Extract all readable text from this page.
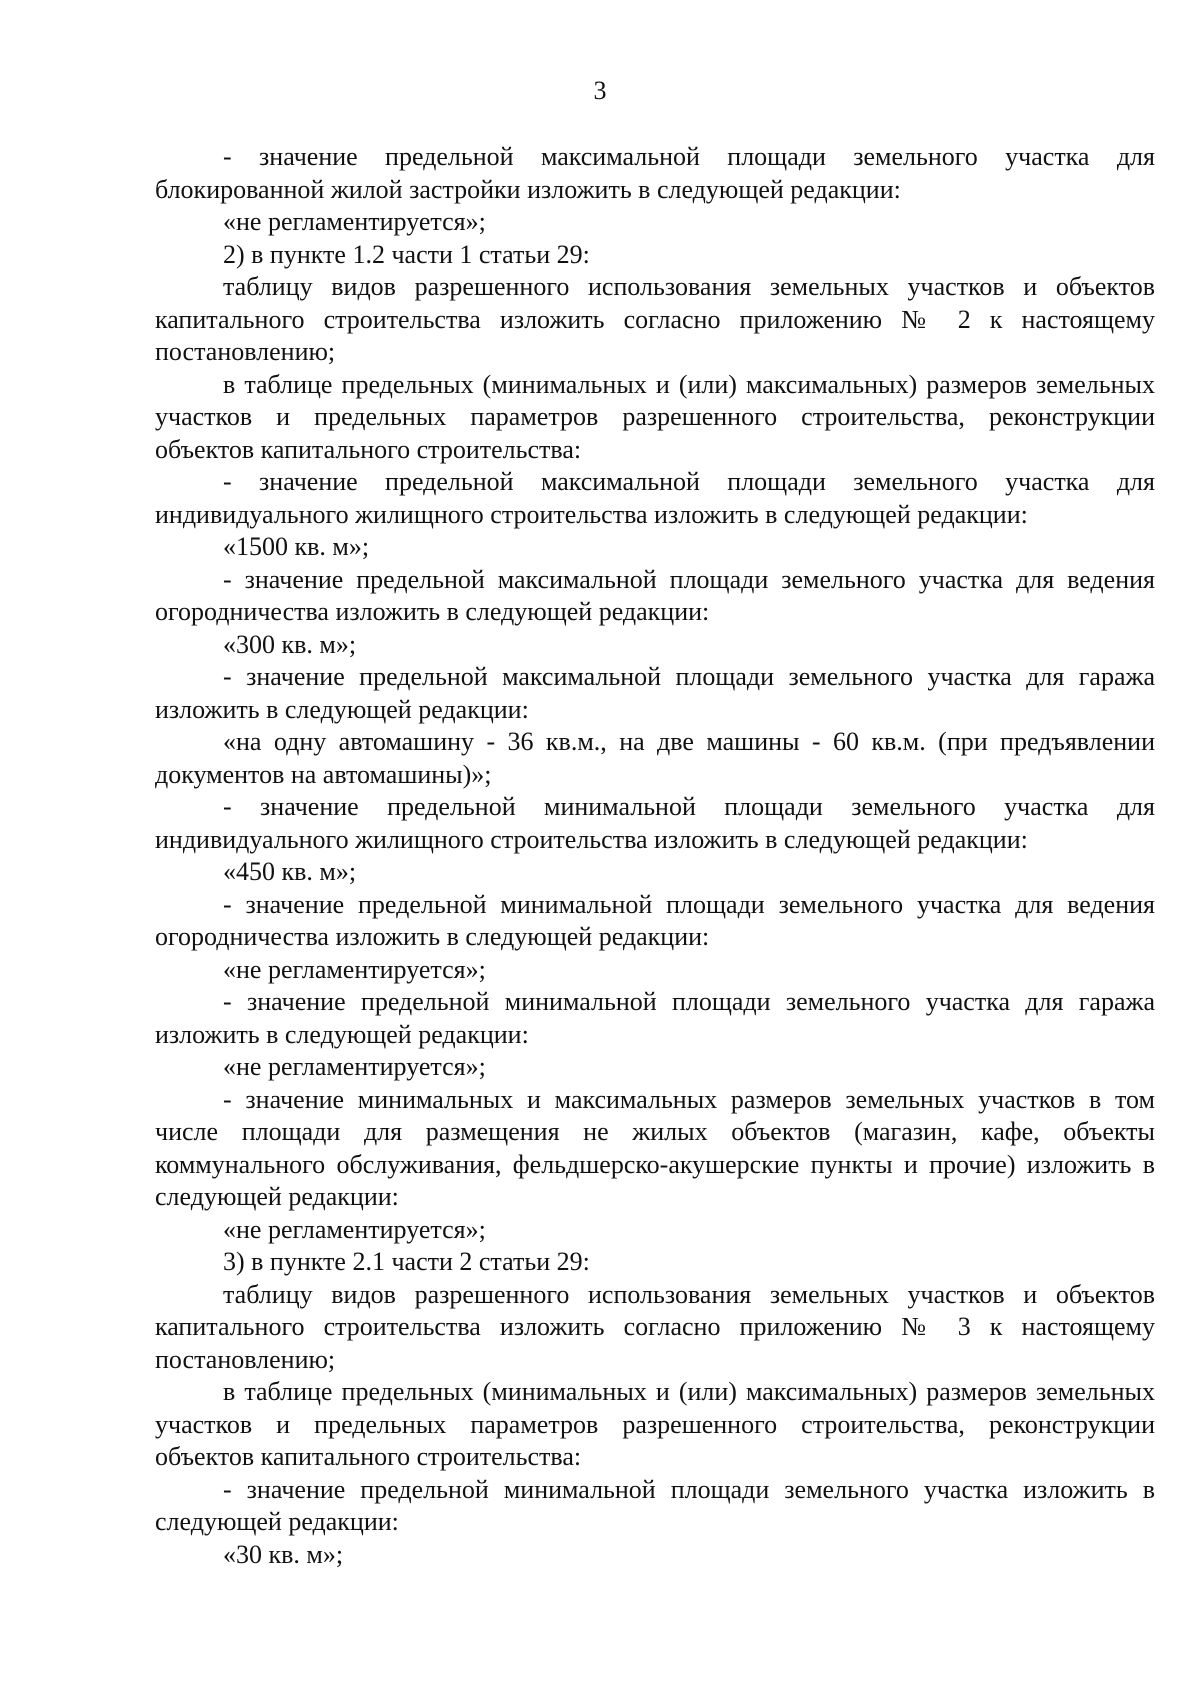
3

- значение предельной максимальной площади земельного участка для блокированной жилой застройки изложить в следующей редакции:

«не регламентируется»;

2) в пункте 1.2 части 1 статьи 29:

таблицу видов разрешенного использования земельных участков и объектов капитального строительства изложить согласно приложению № 2 к настоящему постановлению;

в таблице предельных (минимальных и (или) максимальных) размеров земельных участков и предельных параметров разрешенного строительства, реконструкции объектов капитального строительства:

- значение предельной максимальной площади земельного участка для индивидуального жилищного строительства изложить в следующей редакции:

«1500 кв. м»;

- значение предельной максимальной площади земельного участка для ведения огородничества изложить в следующей редакции:

«300 кв. м»;

- значение предельной максимальной площади земельного участка для гаража изложить в следующей редакции:

«на одну автомашину - 36 кв.м., на две машины - 60 кв.м. (при предъявлении документов на автомашины)»;

- значение предельной минимальной площади земельного участка для индивидуального жилищного строительства изложить в следующей редакции:

«450 кв. м»;

- значение предельной минимальной площади земельного участка для ведения огородничества изложить в следующей редакции:

«не регламентируется»;

- значение предельной минимальной площади земельного участка для гаража изложить в следующей редакции:

«не регламентируется»;

- значение минимальных и максимальных размеров земельных участков в том числе площади для размещения не жилых объектов (магазин, кафе, объекты коммунального обслуживания, фельдшерско-акушерские пункты и прочие) изложить в следующей редакции:

«не регламентируется»;

3) в пункте 2.1 части 2 статьи 29:

таблицу видов разрешенного использования земельных участков и объектов капитального строительства изложить согласно приложению № 3 к настоящему постановлению;

в таблице предельных (минимальных и (или) максимальных) размеров земельных участков и предельных параметров разрешенного строительства, реконструкции объектов капитального строительства:

- значение предельной минимальной площади земельного участка изложить в следующей редакции:

«30 кв. м»;
